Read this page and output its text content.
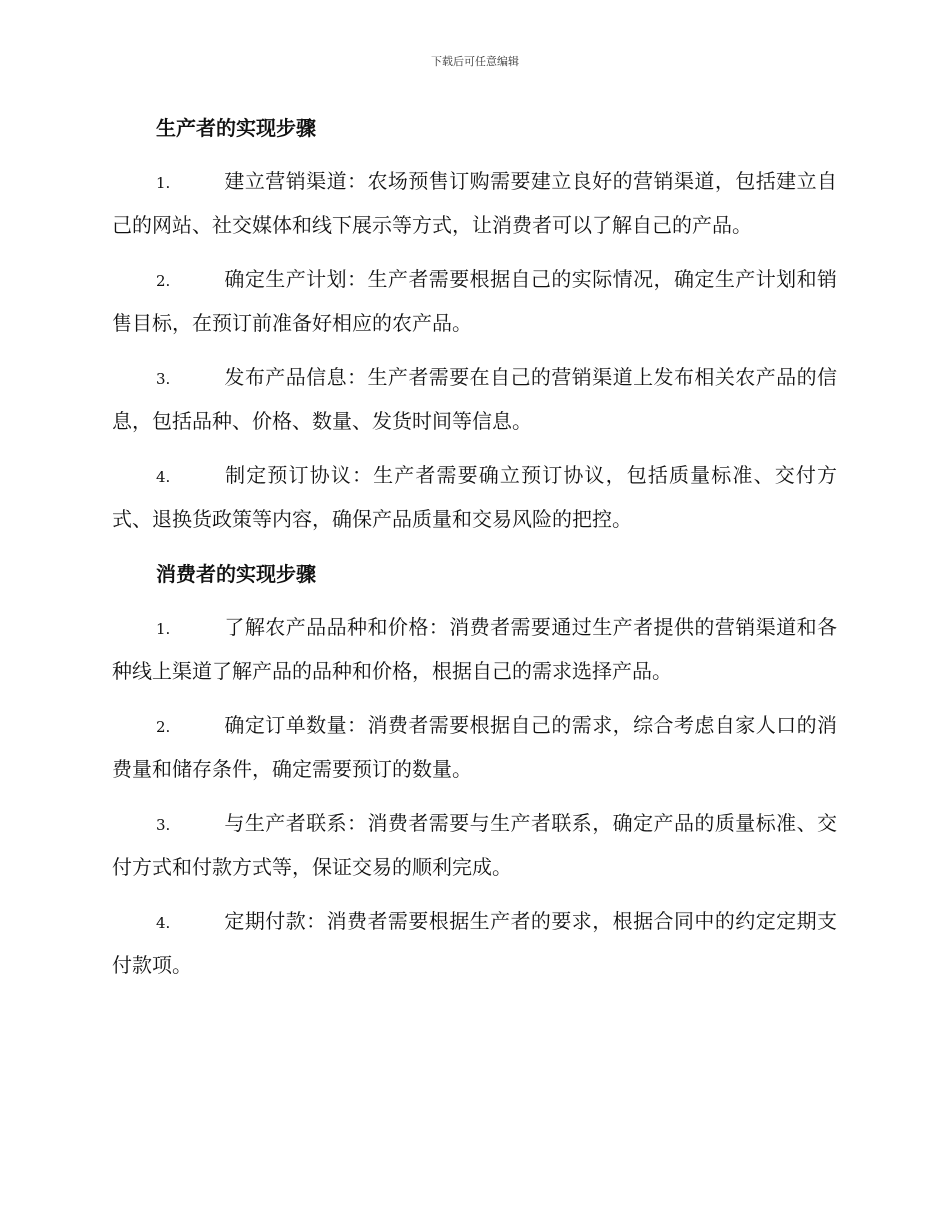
下载后可任意编辑
生产者的实现步骤

1.	建立营销渠道：农场预售订购需要建立良好的营销渠道，包括建立自己的网站、社交媒体和线下展示等方式，让消费者可以了解自己的产品。

2.	确定生产计划：生产者需要根据自己的实际情况，确定生产计划和销售目标，在预订前准备好相应的农产品。

3.	发布产品信息：生产者需要在自己的营销渠道上发布相关农产品的信息，包括品种、价格、数量、发货时间等信息。

4.	制定预订协议：生产者需要确立预订协议，包括质量标准、交付方式、退换货政策等内容，确保产品质量和交易风险的把控。

消费者的实现步骤

1.	了解农产品品种和价格：消费者需要通过生产者提供的营销渠道和各种线上渠道了解产品的品种和价格，根据自己的需求选择产品。

2.	确定订单数量：消费者需要根据自己的需求，综合考虑自家人口的消费量和储存条件，确定需要预订的数量。

3.	与生产者联系：消费者需要与生产者联系，确定产品的质量标准、交付方式和付款方式等，保证交易的顺利完成。

4.	定期付款：消费者需要根据生产者的要求，根据合同中的约定定期支付款项。
